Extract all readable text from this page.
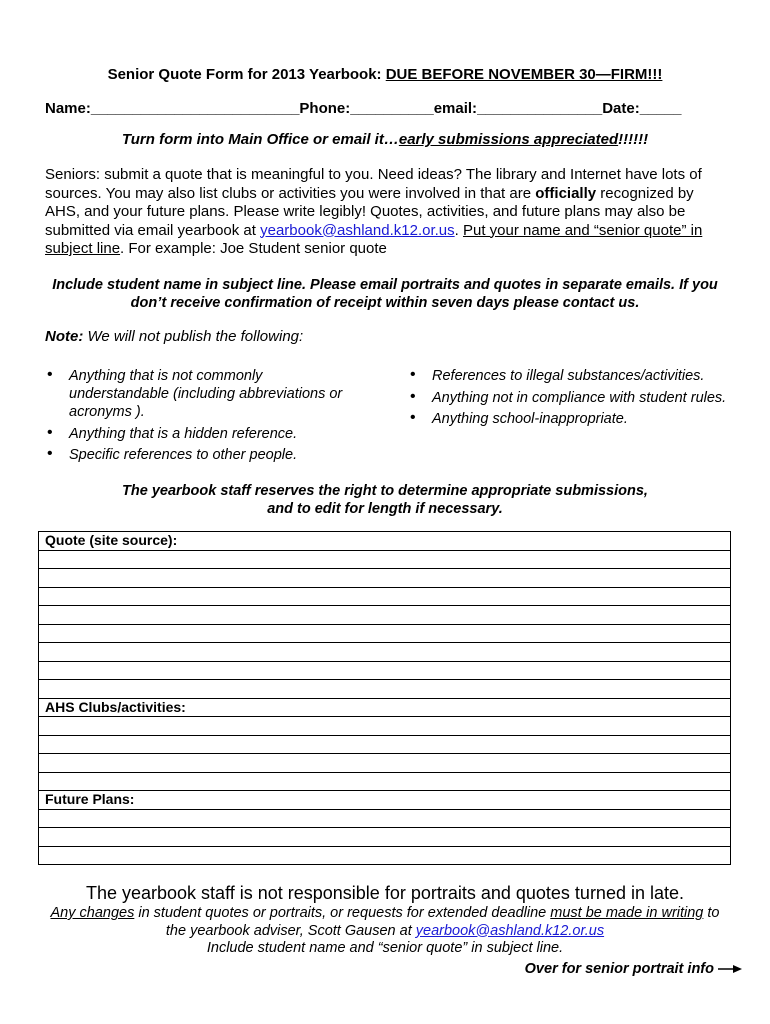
Senior Quote Form for 2013 Yearbook: DUE BEFORE NOVEMBER 30—FIRM!!!
Name:_________________________Phone:__________email:_______________Date:_____
Turn form into Main Office or email it…early submissions appreciated!!!!!!
Seniors: submit a quote that is meaningful to you. Need ideas? The library and Internet have lots of sources. You may also list clubs or activities you were involved in that are officially recognized by AHS, and your future plans. Please write legibly! Quotes, activities, and future plans may also be submitted via email yearbook at yearbook@ashland.k12.or.us. Put your name and “senior quote” in subject line. For example: Joe Student senior quote
Include student name in subject line. Please email portraits and quotes in separate emails. If you don’t receive confirmation of receipt within seven days please contact us.
Note: We will not publish the following:
• Anything that is not commonly understandable (including abbreviations or acronyms ).
• Anything that is a hidden reference.
• Specific references to other people.
• References to illegal substances/activities.
• Anything not in compliance with student rules.
• Anything school-inappropriate.
The yearbook staff reserves the right to determine appropriate submissions,
and to edit for length if necessary.
Quote (site source):

AHS Clubs/activities:

Future Plans:

The yearbook staff is not responsible for portraits and quotes turned in late.
Any changes in student quotes or portraits, or requests for extended deadline must be made in writing to the yearbook adviser, Scott Gausen at yearbook@ashland.k12.or.us
Include student name and “senior quote” in subject line.
Over for senior portrait info
